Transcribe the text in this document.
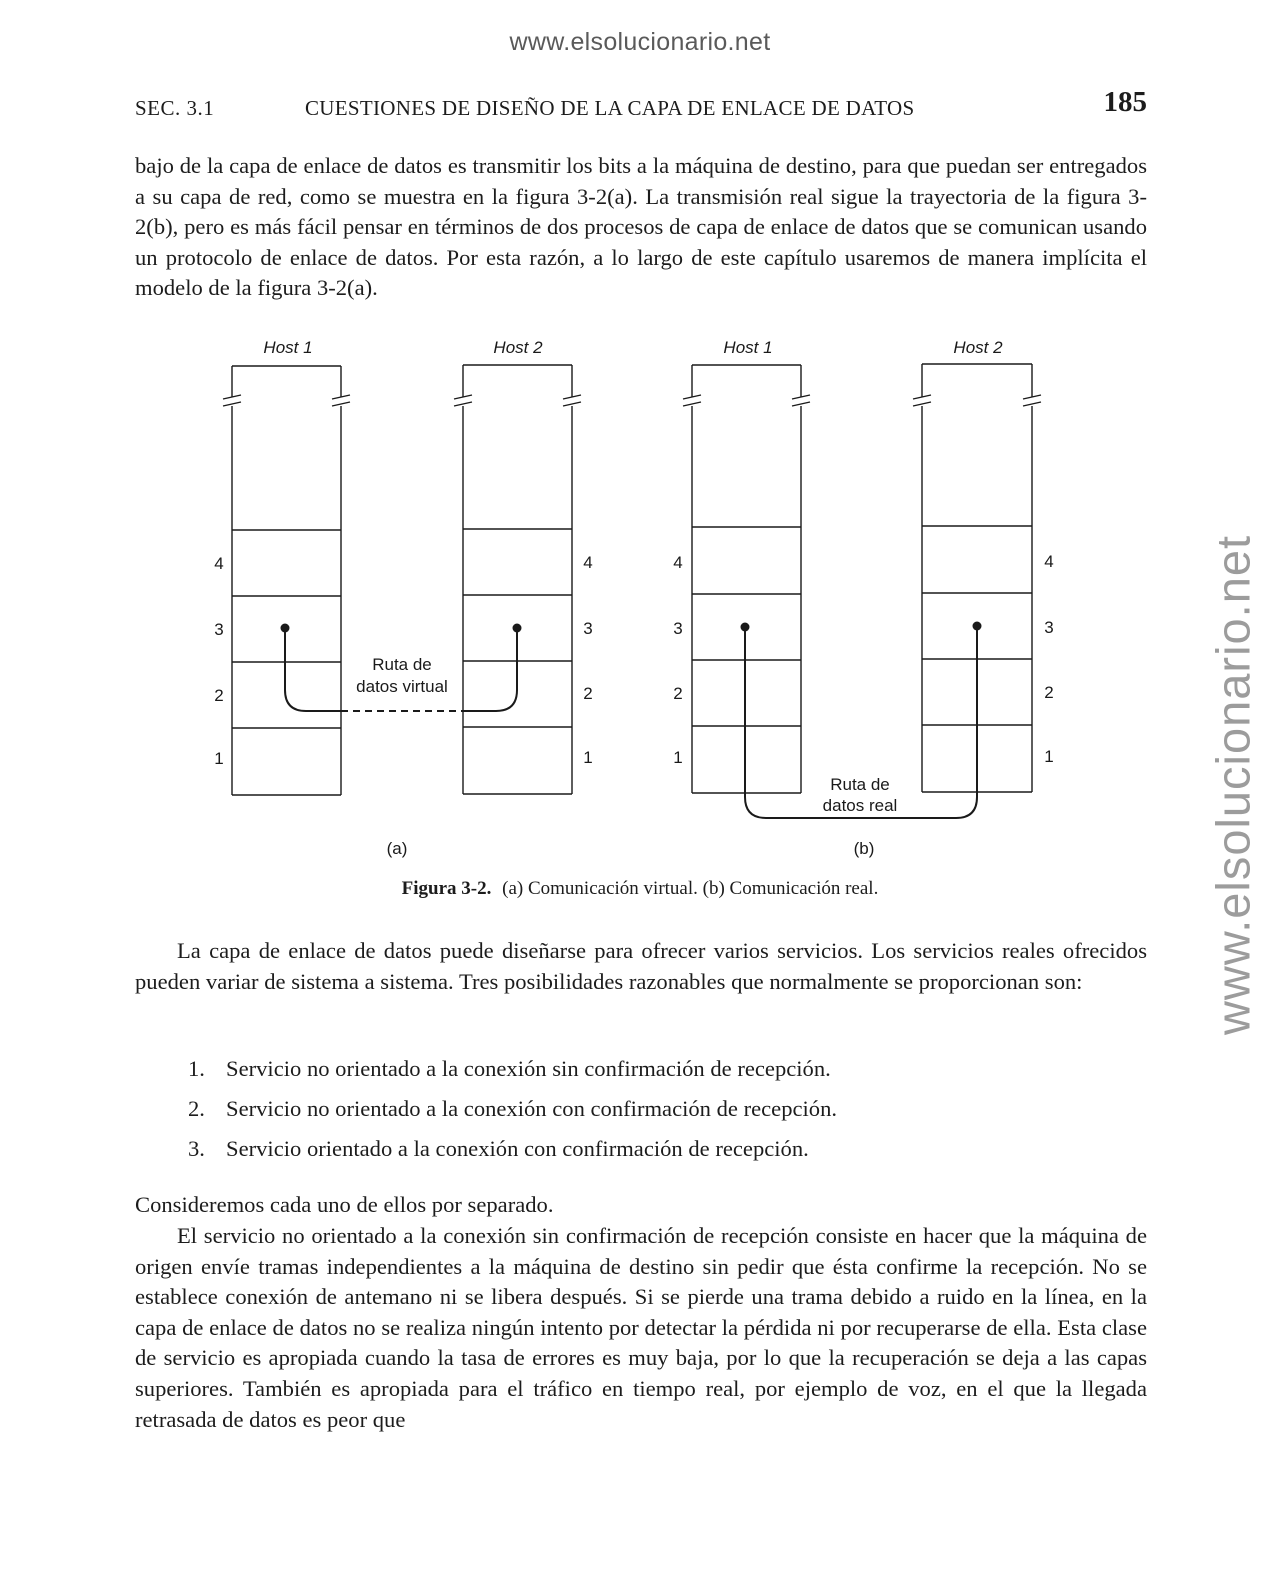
www.elsolucionario.net
www.elsolucionario.net
SEC. 3.1	CUESTIONES DE DISEÑO DE LA CAPA DE ENLACE DE DATOS	185

bajo de la capa de enlace de datos es transmitir los bits a la máquina de destino, para que puedan ser entregados a su capa de red, como se muestra en la figura 3-2(a). La transmisión real sigue la trayectoria de la figura 3-2(b), pero es más fácil pensar en términos de dos procesos de capa de enlace de datos que se comunican usando un protocolo de enlace de datos. Por esta razón, a lo largo de este capítulo usaremos de manera implícita el modelo de la figura 3-2(a).

Host 1	Host 2	Host 1	Host 2
4
3
2
1
4
3
2
1
4
3
2
1
4
3
2
1
Ruta de
datos virtual
Ruta de
datos real
(a)	(b)
Figura 3-2. (a) Comunicación virtual. (b) Comunicación real.

La capa de enlace de datos puede diseñarse para ofrecer varios servicios. Los servicios reales ofrecidos pueden variar de sistema a sistema. Tres posibilidades razonables que normalmente se proporcionan son:

1. Servicio no orientado a la conexión sin confirmación de recepción.
2. Servicio no orientado a la conexión con confirmación de recepción.
3. Servicio orientado a la conexión con confirmación de recepción.

Consideremos cada uno de ellos por separado.

El servicio no orientado a la conexión sin confirmación de recepción consiste en hacer que la máquina de origen envíe tramas independientes a la máquina de destino sin pedir que ésta confirme la recepción. No se establece conexión de antemano ni se libera después. Si se pierde una trama debido a ruido en la línea, en la capa de enlace de datos no se realiza ningún intento por detectar la pérdida ni por recuperarse de ella. Esta clase de servicio es apropiada cuando la tasa de errores es muy baja, por lo que la recuperación se deja a las capas superiores. También es apropiada para el tráfico en tiempo real, por ejemplo de voz, en el que la llegada retrasada de datos es peor que
